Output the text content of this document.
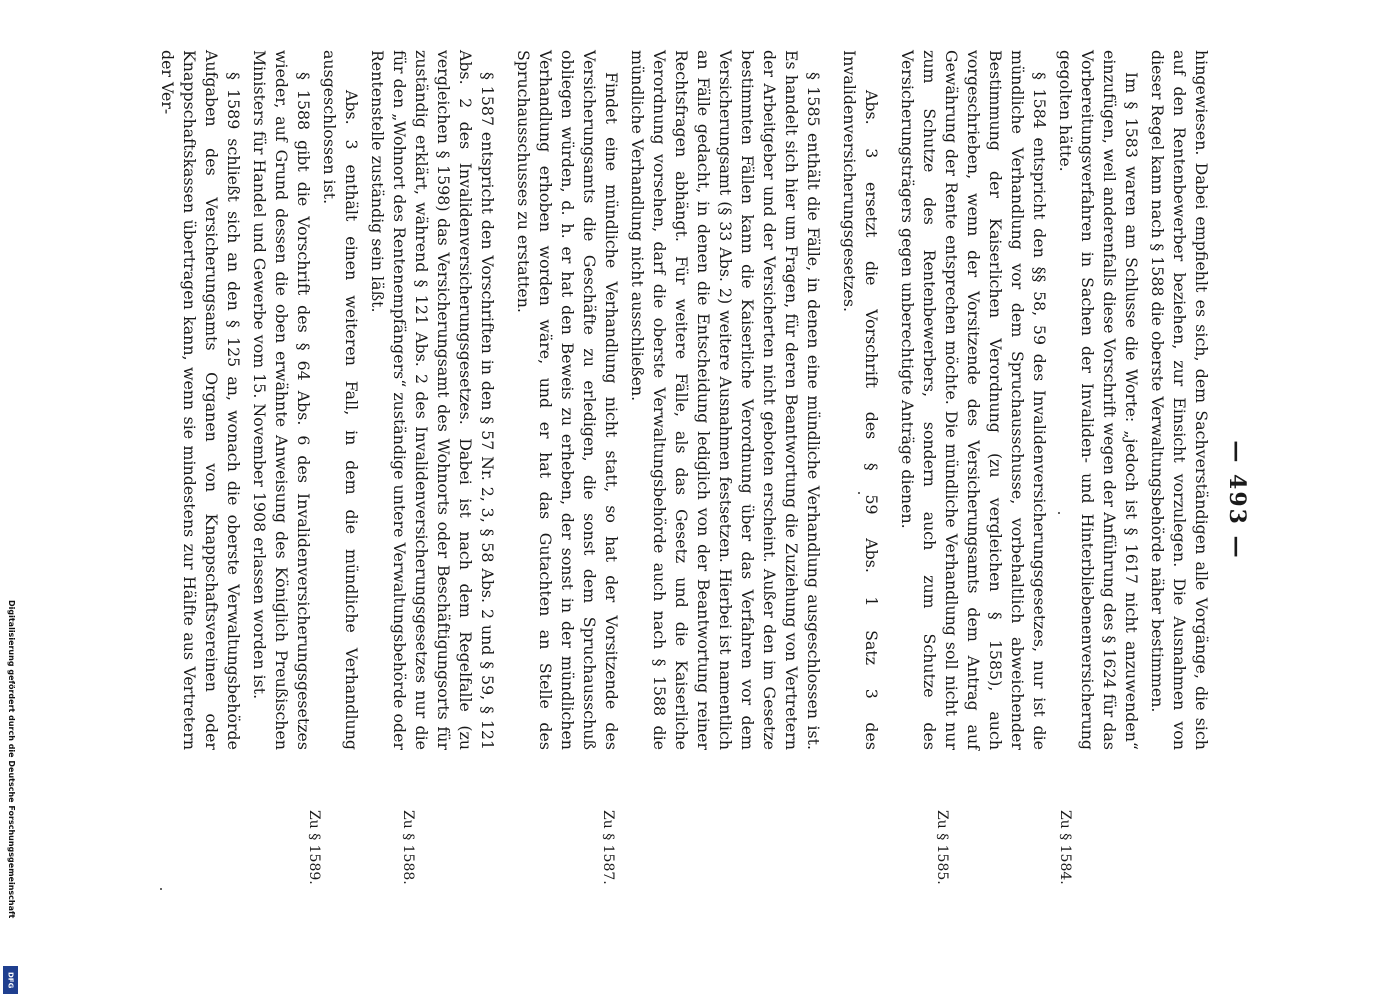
Digitalisierung gefördert durch die Deutsche Forschungsgemeinschaft
DFG
— 493 —

hingewiesen. Dabei empfiehlt es sich, dem Sachverständigen alle Vorgänge, die sich auf den Rentenbewerber beziehen, zur Einsicht vorzulegen. Die Ausnahmen von dieser Regel kann nach § 1588 die oberste Verwaltungsbehörde näher bestimmen.

Im § 1583 waren am Schlusse die Worte: „jedoch ist § 1617 nicht anzuwenden“ einzufügen, weil anderenfalls diese Vorschrift wegen der Anführung des § 1624 für das Vorbereitungsverfahren in Sachen der Invaliden- und Hinterbliebenenversicherung gegolten hätte.

§ 1584 entspricht den §§ 58, 59 des Invalidenversicherungsgesetzes, nur ist die mündliche Verhandlung vor dem Spruchausschusse, vorbehaltlich abweichender Bestimmung der Kaiserlichen Verordnung (zu vergleichen § 1585), auch vorgeschrieben, wenn der Vorsitzende des Versicherungsamts dem Antrag auf Gewährung der Rente entsprechen möchte. Die mündliche Verhandlung soll nicht nur zum Schutze des Rentenbewerbers, sondern auch zum Schutze des Versicherungsträgers gegen unberechtigte Anträge dienen.

Abs. 3 ersetzt die Vorschrift des § 59 Abs. 1 Satz 3 des Invalidenversicherungsgesetzes.

§ 1585 enthält die Fälle, in denen eine mündliche Verhandlung ausgeschlossen ist. Es handelt sich hier um Fragen, für deren Beantwortung die Zuziehung von Vertretern der Arbeitgeber und der Versicherten nicht geboten erscheint. Außer den im Gesetze bestimmten Fällen kann die Kaiserliche Verordnung über das Verfahren vor dem Versicherungsamt (§ 33 Abs. 2) weitere Ausnahmen festsetzen. Hierbei ist namentlich an Fälle gedacht, in denen die Entscheidung lediglich von der Beantwortung reiner Rechtsfragen abhängt. Für weitere Fälle, als das Gesetz und die Kaiserliche Verordnung vorsehen, darf die oberste Verwaltungsbehörde auch nach § 1588 die mündliche Verhandlung nicht ausschließen.

Findet eine mündliche Verhandlung nicht statt, so hat der Vorsitzende des Versicherungsamts die Geschäfte zu erledigen, die sonst dem Spruchausschuß obliegen würden, d. h. er hat den Beweis zu erheben, der sonst in der mündlichen Verhandlung erhoben worden wäre, und er hat das Gutachten an Stelle des Spruchausschusses zu erstatten.

§ 1587 entspricht den Vorschriften in den § 57 Nr. 2, 3, § 58 Abs. 2 und § 59, § 121 Abs. 2 des Invalidenversicherungsgesetzes. Dabei ist nach dem Regelfalle (zu vergleichen § 1598) das Versicherungsamt des Wohnorts oder Beschäftigungsorts für zuständig erklärt, während § 121 Abs. 2 des Invalidenversicherungsgesetzes nur die für den „Wohnort des Rentenempfängers“ zuständige untere Verwaltungsbehörde oder Rentenstelle zuständig sein läßt.

Abs. 3 enthält einen weiteren Fall, in dem die mündliche Verhandlung ausgeschlossen ist.

§ 1588 gibt die Vorschrift des § 64 Abs. 6 des Invalidenversicherungsgesetzes wieder, auf Grund dessen die oben erwähnte Anweisung des Königlich Preußischen Ministers für Handel und Gewerbe vom 15. November 1908 erlassen worden ist.

§ 1589 schließt sich an den § 125 an, wonach die oberste Verwaltungsbehörde Aufgaben des Versicherungsamts Organen von Knappschaftsvereinen oder Knappschaftskassen übertragen kann, wenn sie mindestens zur Hälfte aus Vertretern der Ver-

Zu § 1584.
Zu § 1585.
Zu § 1587.
Zu § 1588.
Zu § 1589.
